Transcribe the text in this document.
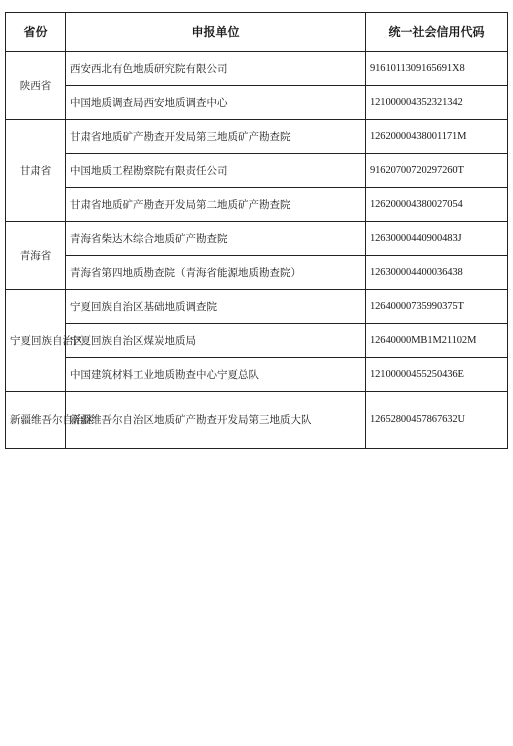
省份	申报单位	统一社会信用代码
陕西省	西安西北有色地质研究院有限公司	916101130916569​1X8
	中国地质调查局西安地质调查中心	12100000435232134​2
甘肃省	甘肃省地质矿产勘查开发局第三地质矿产勘查院	12620000438001171M
	中国地质工程勘察院有限责任公司	91620700720297260T
	甘肃省地质矿产勘查开发局第二地质矿产勘查院	12620000438002705​4
青海省	青海省柴达木综合地质矿产勘查院	12630000440900483J
	青海省第四地质勘查院（青海省能源地质勘查院）	12630000440003643​8
宁夏回族自治区	宁夏回族自治区基础地质调查院	12640000735990375T
	宁夏回族自治区煤炭地质局	12640000MB1M21102M
	中国建筑材料工业地质勘查中心宁夏总队	12100000455250436E
新疆维吾尔自治区	新疆维吾尔自治区地质矿产勘查开发局第三地质大队	12652800457867632U
